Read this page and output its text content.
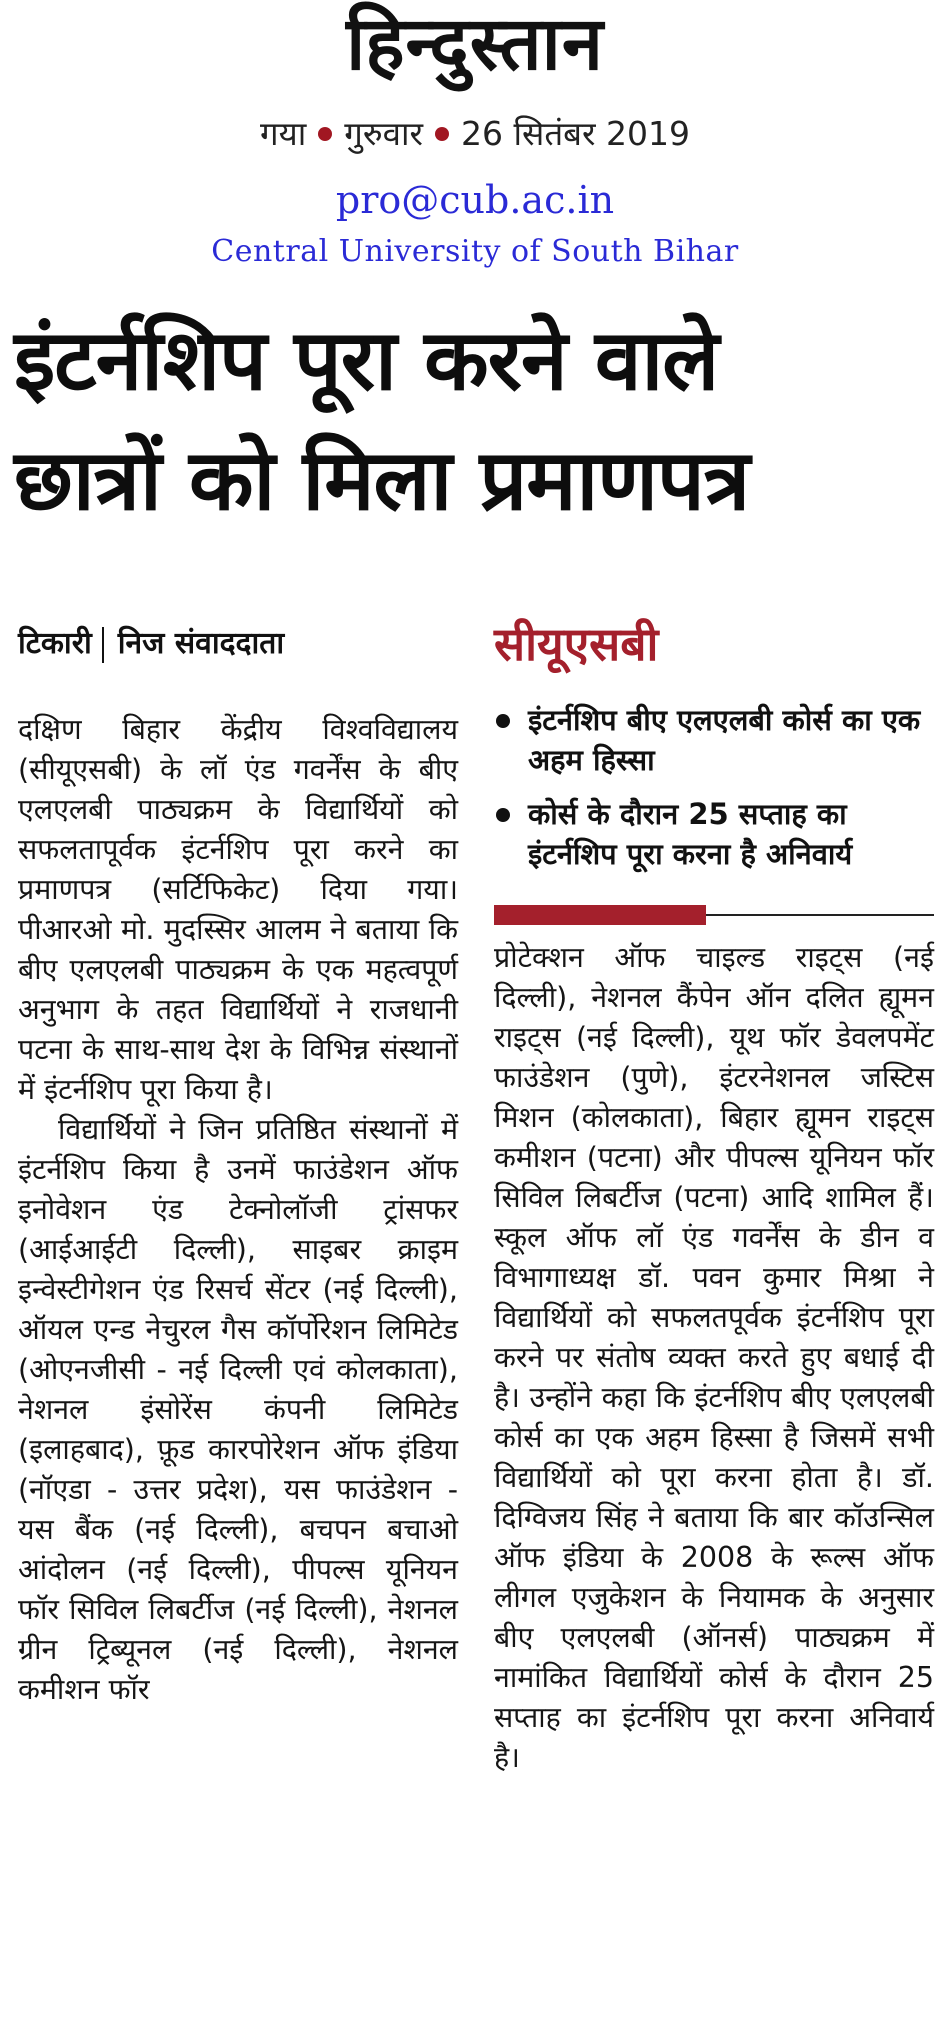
हिन्दुस्तान
गया गुरुवार 26 सितंबर 2019
pro@cub.ac.in
Central University of South Bihar
इंटर्नशिप पूरा करने वाले
छात्रों को मिला प्रमाणपत्र
टिकारी निज संवाददाता

दक्षिण बिहार केंद्रीय विश्वविद्यालय (सीयूएसबी) के लॉ एंड गवर्नेंस के बीए एलएलबी पाठ्यक्रम के विद्यार्थियों को सफलतापूर्वक इंटर्नशिप पूरा करने का प्रमाणपत्र (सर्टिफिकेट) दिया गया। पीआरओ मो. मुदस्सिर आलम ने बताया कि बीए एलएलबी पाठ्यक्रम के एक महत्वपूर्ण अनुभाग के तहत विद्यार्थियों ने राजधानी पटना के साथ-साथ देश के विभिन्न संस्थानों में इंटर्नशिप पूरा किया है।

विद्यार्थियों ने जिन प्रतिष्ठित संस्थानों में इंटर्नशिप किया है उनमें फाउंडेशन ऑफ इनोवेशन एंड टेक्नोलॉजी ट्रांसफर (आईआईटी दिल्ली), साइबर क्राइम इन्वेस्टीगेशन एंड रिसर्च सेंटर (नई दिल्ली), ऑयल एन्ड नेचुरल गैस कॉर्पोरेशन लिमिटेड (ओएनजीसी - नई दिल्ली एवं कोलकाता), नेशनल इंसोरेंस कंपनी लिमिटेड (इलाहबाद), फ़ूड कारपोरेशन ऑफ इंडिया (नॉएडा - उत्तर प्रदेश), यस फाउंडेशन - यस बैंक (नई दिल्ली), बचपन बचाओ आंदोलन (नई दिल्ली), पीपल्स यूनियन फॉर सिविल लिबर्टीज (नई दिल्ली), नेशनल ग्रीन ट्रिब्यूनल (नई दिल्ली), नेशनल कमीशन फॉर

सीयूएसबी
इंटर्नशिप बीए एलएलबी कोर्स का एक अहम हिस्सा
कोर्स के दौरान 25 सप्ताह का इंटर्नशिप पूरा करना है अनिवार्य

प्रोटेक्शन ऑफ चाइल्ड राइट्स (नई दिल्ली), नेशनल कैंपेन ऑन दलित ह्यूमन राइट्स (नई दिल्ली), यूथ फॉर डेवलपमेंट फाउंडेशन (पुणे), इंटरनेशनल जस्टिस मिशन (कोलकाता), बिहार ह्यूमन राइट्स कमीशन (पटना) और पीपल्स यूनियन फॉर सिविल लिबर्टीज (पटना) आदि शामिल हैं।स्कूल ऑफ लॉ एंड गवर्नेंस के डीन व विभागाध्यक्ष डॉ. पवन कुमार मिश्रा ने विद्यार्थियों को सफलतपूर्वक इंटर्नशिप पूरा करने पर संतोष व्यक्त करते हुए बधाई दी है। उन्होंने कहा कि इंटर्नशिप बीए एलएलबी कोर्स का एक अहम हिस्सा है जिसमें सभी विद्यार्थियों को पूरा करना होता है। डॉ. दिग्विजय सिंह ने बताया कि बार कॉउन्सिल ऑफ इंडिया के 2008 के रूल्स ऑफ लीगल एजुकेशन के नियामक के अनुसार बीए एलएलबी (ऑनर्स) पाठ्यक्रम में नामांकित विद्यार्थियों कोर्स के दौरान 25 सप्ताह का इंटर्नशिप पूरा करना अनिवार्य है।
